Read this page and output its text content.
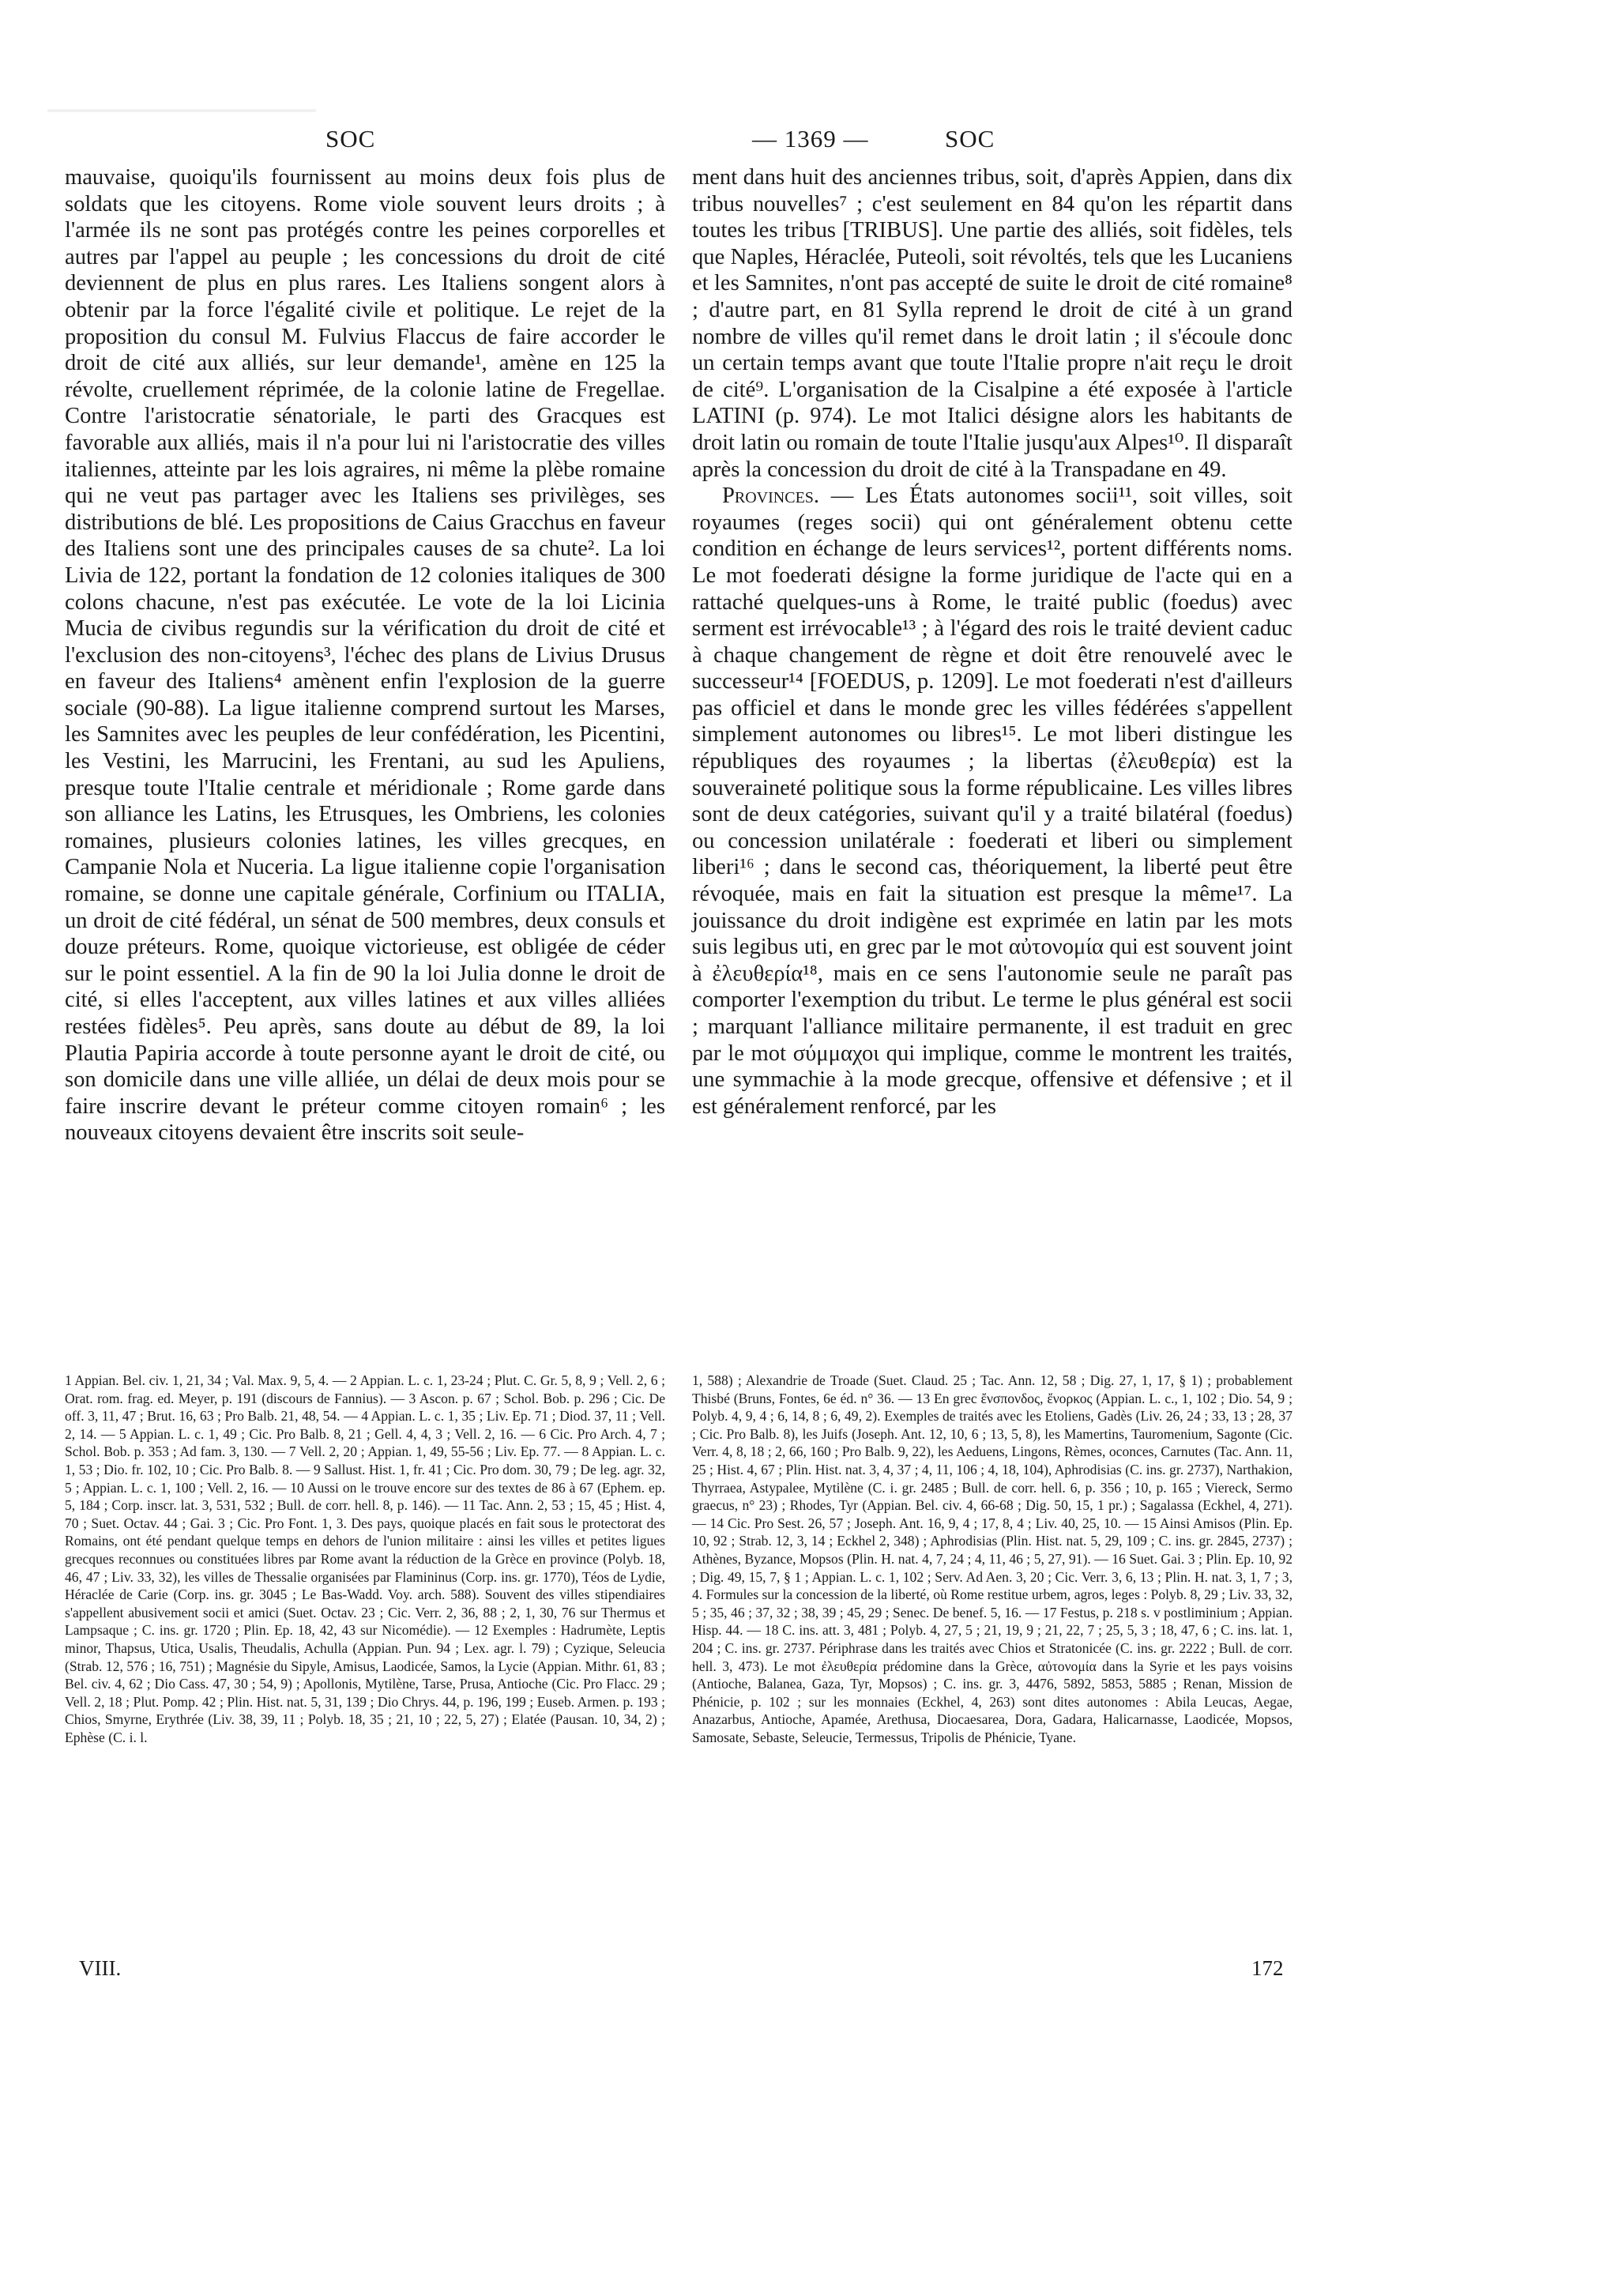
SOC	— 1369 —	SOC

mauvaise, quoiqu'ils fournissent au moins deux fois plus de soldats que les citoyens. Rome viole souvent leurs droits ; à l'armée ils ne sont pas protégés contre les peines corporelles et autres par l'appel au peuple ; les concessions du droit de cité deviennent de plus en plus rares. Les Italiens songent alors à obtenir par la force l'égalité civile et politique. Le rejet de la proposition du consul M. Fulvius Flaccus de faire accorder le droit de cité aux alliés, sur leur demande¹, amène en 125 la révolte, cruellement réprimée, de la colonie latine de Fregellae. Contre l'aristocratie sénatoriale, le parti des Gracques est favorable aux alliés, mais il n'a pour lui ni l'aristocratie des villes italiennes, atteinte par les lois agraires, ni même la plèbe romaine qui ne veut pas partager avec les Italiens ses privilèges, ses distributions de blé. Les propositions de Caius Gracchus en faveur des Italiens sont une des principales causes de sa chute². La loi Livia de 122, portant la fondation de 12 colonies italiques de 300 colons chacune, n'est pas exécutée. Le vote de la loi Licinia Mucia de civibus regundis sur la vérification du droit de cité et l'exclusion des non-citoyens³, l'échec des plans de Livius Drusus en faveur des Italiens⁴ amènent enfin l'explosion de la guerre sociale (90-88). La ligue italienne comprend surtout les Marses, les Samnites avec les peuples de leur confédération, les Picentini, les Vestini, les Marrucini, les Frentani, au sud les Apuliens, presque toute l'Italie centrale et méridionale ; Rome garde dans son alliance les Latins, les Etrusques, les Ombriens, les colonies romaines, plusieurs colonies latines, les villes grecques, en Campanie Nola et Nuceria. La ligue italienne copie l'organisation romaine, se donne une capitale générale, Corfinium ou ITALIA, un droit de cité fédéral, un sénat de 500 membres, deux consuls et douze préteurs. Rome, quoique victorieuse, est obligée de céder sur le point essentiel. A la fin de 90 la loi Julia donne le droit de cité, si elles l'acceptent, aux villes latines et aux villes alliées restées fidèles⁵. Peu après, sans doute au début de 89, la loi Plautia Papiria accorde à toute personne ayant le droit de cité, ou son domicile dans une ville alliée, un délai de deux mois pour se faire inscrire devant le préteur comme citoyen romain⁶ ; les nouveaux citoyens devaient être inscrits soit seule-

ment dans huit des anciennes tribus, soit, d'après Appien, dans dix tribus nouvelles⁷ ; c'est seulement en 84 qu'on les répartit dans toutes les tribus [TRIBUS]. Une partie des alliés, soit fidèles, tels que Naples, Héraclée, Puteoli, soit révoltés, tels que les Lucaniens et les Samnites, n'ont pas accepté de suite le droit de cité romaine⁸ ; d'autre part, en 81 Sylla reprend le droit de cité à un grand nombre de villes qu'il remet dans le droit latin ; il s'écoule donc un certain temps avant que toute l'Italie propre n'ait reçu le droit de cité⁹. L'organisation de la Cisalpine a été exposée à l'article LATINI (p. 974). Le mot Italici désigne alors les habitants de droit latin ou romain de toute l'Italie jusqu'aux Alpes¹⁰. Il disparaît après la concession du droit de cité à la Transpadane en 49.

Provinces. — Les États autonomes socii¹¹, soit villes, soit royaumes (reges socii) qui ont généralement obtenu cette condition en échange de leurs services¹², portent différents noms. Le mot foederati désigne la forme juridique de l'acte qui en a rattaché quelques-uns à Rome, le traité public (foedus) avec serment est irrévocable¹³ ; à l'égard des rois le traité devient caduc à chaque changement de règne et doit être renouvelé avec le successeur¹⁴ [FOEDUS, p. 1209]. Le mot foederati n'est d'ailleurs pas officiel et dans le monde grec les villes fédérées s'appellent simplement autonomes ou libres¹⁵. Le mot liberi distingue les républiques des royaumes ; la libertas (ἐλευθερία) est la souveraineté politique sous la forme républicaine. Les villes libres sont de deux catégories, suivant qu'il y a traité bilatéral (foedus) ou concession unilatérale : foederati et liberi ou simplement liberi¹⁶ ; dans le second cas, théoriquement, la liberté peut être révoquée, mais en fait la situation est presque la même¹⁷. La jouissance du droit indigène est exprimée en latin par les mots suis legibus uti, en grec par le mot αὐτονομία qui est souvent joint à ἐλευθερία¹⁸, mais en ce sens l'autonomie seule ne paraît pas comporter l'exemption du tribut. Le terme le plus général est socii ; marquant l'alliance militaire permanente, il est traduit en grec par le mot σύμμαχοι qui implique, comme le montrent les traités, une symmachie à la mode grecque, offensive et défensive ; et il est généralement renforcé, par les

1 Appian. Bel. civ. 1, 21, 34 ; Val. Max. 9, 5, 4. — 2 Appian. L. c. 1, 23-24 ; Plut. C. Gr. 5, 8, 9 ; Vell. 2, 6 ; Orat. rom. frag. ed. Meyer, p. 191 (discours de Fannius). — 3 Ascon. p. 67 ; Schol. Bob. p. 296 ; Cic. De off. 3, 11, 47 ; Brut. 16, 63 ; Pro Balb. 21, 48, 54. — 4 Appian. L. c. 1, 35 ; Liv. Ep. 71 ; Diod. 37, 11 ; Vell. 2, 14. — 5 Appian. L. c. 1, 49 ; Cic. Pro Balb. 8, 21 ; Gell. 4, 4, 3 ; Vell. 2, 16. — 6 Cic. Pro Arch. 4, 7 ; Schol. Bob. p. 353 ; Ad fam. 3, 130. — 7 Vell. 2, 20 ; Appian. 1, 49, 55-56 ; Liv. Ep. 77. — 8 Appian. L. c. 1, 53 ; Dio. fr. 102, 10 ; Cic. Pro Balb. 8. — 9 Sallust. Hist. 1, fr. 41 ; Cic. Pro dom. 30, 79 ; De leg. agr. 32, 5 ; Appian. L. c. 1, 100 ; Vell. 2, 16. — 10 Aussi on le trouve encore sur des textes de 86 à 67 (Ephem. ep. 5, 184 ; Corp. inscr. lat. 3, 531, 532 ; Bull. de corr. hell. 8, p. 146). — 11 Tac. Ann. 2, 53 ; 15, 45 ; Hist. 4, 70 ; Suet. Octav. 44 ; Gai. 3 ; Cic. Pro Font. 1, 3. Des pays, quoique placés en fait sous le protectorat des Romains, ont été pendant quelque temps en dehors de l'union militaire : ainsi les villes et petites ligues grecques reconnues ou constituées libres par Rome avant la réduction de la Grèce en province (Polyb. 18, 46, 47 ; Liv. 33, 32), les villes de Thessalie organisées par Flamininus (Corp. ins. gr. 1770), Téos de Lydie, Héraclée de Carie (Corp. ins. gr. 3045 ; Le Bas-Wadd. Voy. arch. 588). Souvent des villes stipendiaires s'appellent abusivement socii et amici (Suet. Octav. 23 ; Cic. Verr. 2, 36, 88 ; 2, 1, 30, 76 sur Thermus et Lampsaque ; C. ins. gr. 1720 ; Plin. Ep. 18, 42, 43 sur Nicomédie). — 12 Exemples : Hadrumète, Leptis minor, Thapsus, Utica, Usalis, Theudalis, Achulla (Appian. Pun. 94 ; Lex. agr. l. 79) ; Cyzique, Seleucia (Strab. 12, 576 ; 16, 751) ; Magnésie du Sipyle, Amisus, Laodicée, Samos, la Lycie (Appian. Mithr. 61, 83 ; Bel. civ. 4, 62 ; Dio Cass. 47, 30 ; 54, 9) ; Apollonis, Mytilène, Tarse, Prusa, Antioche (Cic. Pro Flacc. 29 ; Vell. 2, 18 ; Plut. Pomp. 42 ; Plin. Hist. nat. 5, 31, 139 ; Dio Chrys. 44, p. 196, 199 ; Euseb. Armen. p. 193 ; Chios, Smyrne, Erythrée (Liv. 38, 39, 11 ; Polyb. 18, 35 ; 21, 10 ; 22, 5, 27) ; Elatée (Pausan. 10, 34, 2) ; Ephèse (C. i. l.

1, 588) ; Alexandrie de Troade (Suet. Claud. 25 ; Tac. Ann. 12, 58 ; Dig. 27, 1, 17, § 1) ; probablement Thisbé (Bruns, Fontes, 6e éd. n° 36. — 13 En grec ἔνσπονδος, ἔνορκος (Appian. L. c., 1, 102 ; Dio. 54, 9 ; Polyb. 4, 9, 4 ; 6, 14, 8 ; 6, 49, 2). Exemples de traités avec les Etoliens, Gadès (Liv. 26, 24 ; 33, 13 ; 28, 37 ; Cic. Pro Balb. 8), les Juifs (Joseph. Ant. 12, 10, 6 ; 13, 5, 8), les Mamertins, Tauromenium, Sagonte (Cic. Verr. 4, 8, 18 ; 2, 66, 160 ; Pro Balb. 9, 22), les Aeduens, Lingons, Rèmes, oconces, Carnutes (Tac. Ann. 11, 25 ; Hist. 4, 67 ; Plin. Hist. nat. 3, 4, 37 ; 4, 11, 106 ; 4, 18, 104), Aphrodisias (C. ins. gr. 2737), Narthakion, Thyrraea, Astypalee, Mytilène (C. i. gr. 2485 ; Bull. de corr. hell. 6, p. 356 ; 10, p. 165 ; Viereck, Sermo graecus, n° 23) ; Rhodes, Tyr (Appian. Bel. civ. 4, 66-68 ; Dig. 50, 15, 1 pr.) ; Sagalassa (Eckhel, 4, 271). — 14 Cic. Pro Sest. 26, 57 ; Joseph. Ant. 16, 9, 4 ; 17, 8, 4 ; Liv. 40, 25, 10. — 15 Ainsi Amisos (Plin. Ep. 10, 92 ; Strab. 12, 3, 14 ; Eckhel 2, 348) ; Aphrodisias (Plin. Hist. nat. 5, 29, 109 ; C. ins. gr. 2845, 2737) ; Athènes, Byzance, Mopsos (Plin. H. nat. 4, 7, 24 ; 4, 11, 46 ; 5, 27, 91). — 16 Suet. Gai. 3 ; Plin. Ep. 10, 92 ; Dig. 49, 15, 7, § 1 ; Appian. L. c. 1, 102 ; Serv. Ad Aen. 3, 20 ; Cic. Verr. 3, 6, 13 ; Plin. H. nat. 3, 1, 7 ; 3, 4. Formules sur la concession de la liberté, où Rome restitue urbem, agros, leges : Polyb. 8, 29 ; Liv. 33, 32, 5 ; 35, 46 ; 37, 32 ; 38, 39 ; 45, 29 ; Senec. De benef. 5, 16. — 17 Festus, p. 218 s. v postliminium ; Appian. Hisp. 44. — 18 C. ins. att. 3, 481 ; Polyb. 4, 27, 5 ; 21, 19, 9 ; 21, 22, 7 ; 25, 5, 3 ; 18, 47, 6 ; C. ins. lat. 1, 204 ; C. ins. gr. 2737. Périphrase dans les traités avec Chios et Stratonicée (C. ins. gr. 2222 ; Bull. de corr. hell. 3, 473). Le mot ἐλευθερία prédomine dans la Grèce, αὐτονομία dans la Syrie et les pays voisins (Antioche, Balanea, Gaza, Tyr, Mopsos) ; C. ins. gr. 3, 4476, 5892, 5853, 5885 ; Renan, Mission de Phénicie, p. 102 ; sur les monnaies (Eckhel, 4, 263) sont dites autonomes : Abila Leucas, Aegae, Anazarbus, Antioche, Apamée, Arethusa, Diocaesarea, Dora, Gadara, Halicarnasse, Laodicée, Mopsos, Samosate, Sebaste, Seleucie, Termessus, Tripolis de Phénicie, Tyane.

VIII.	172
